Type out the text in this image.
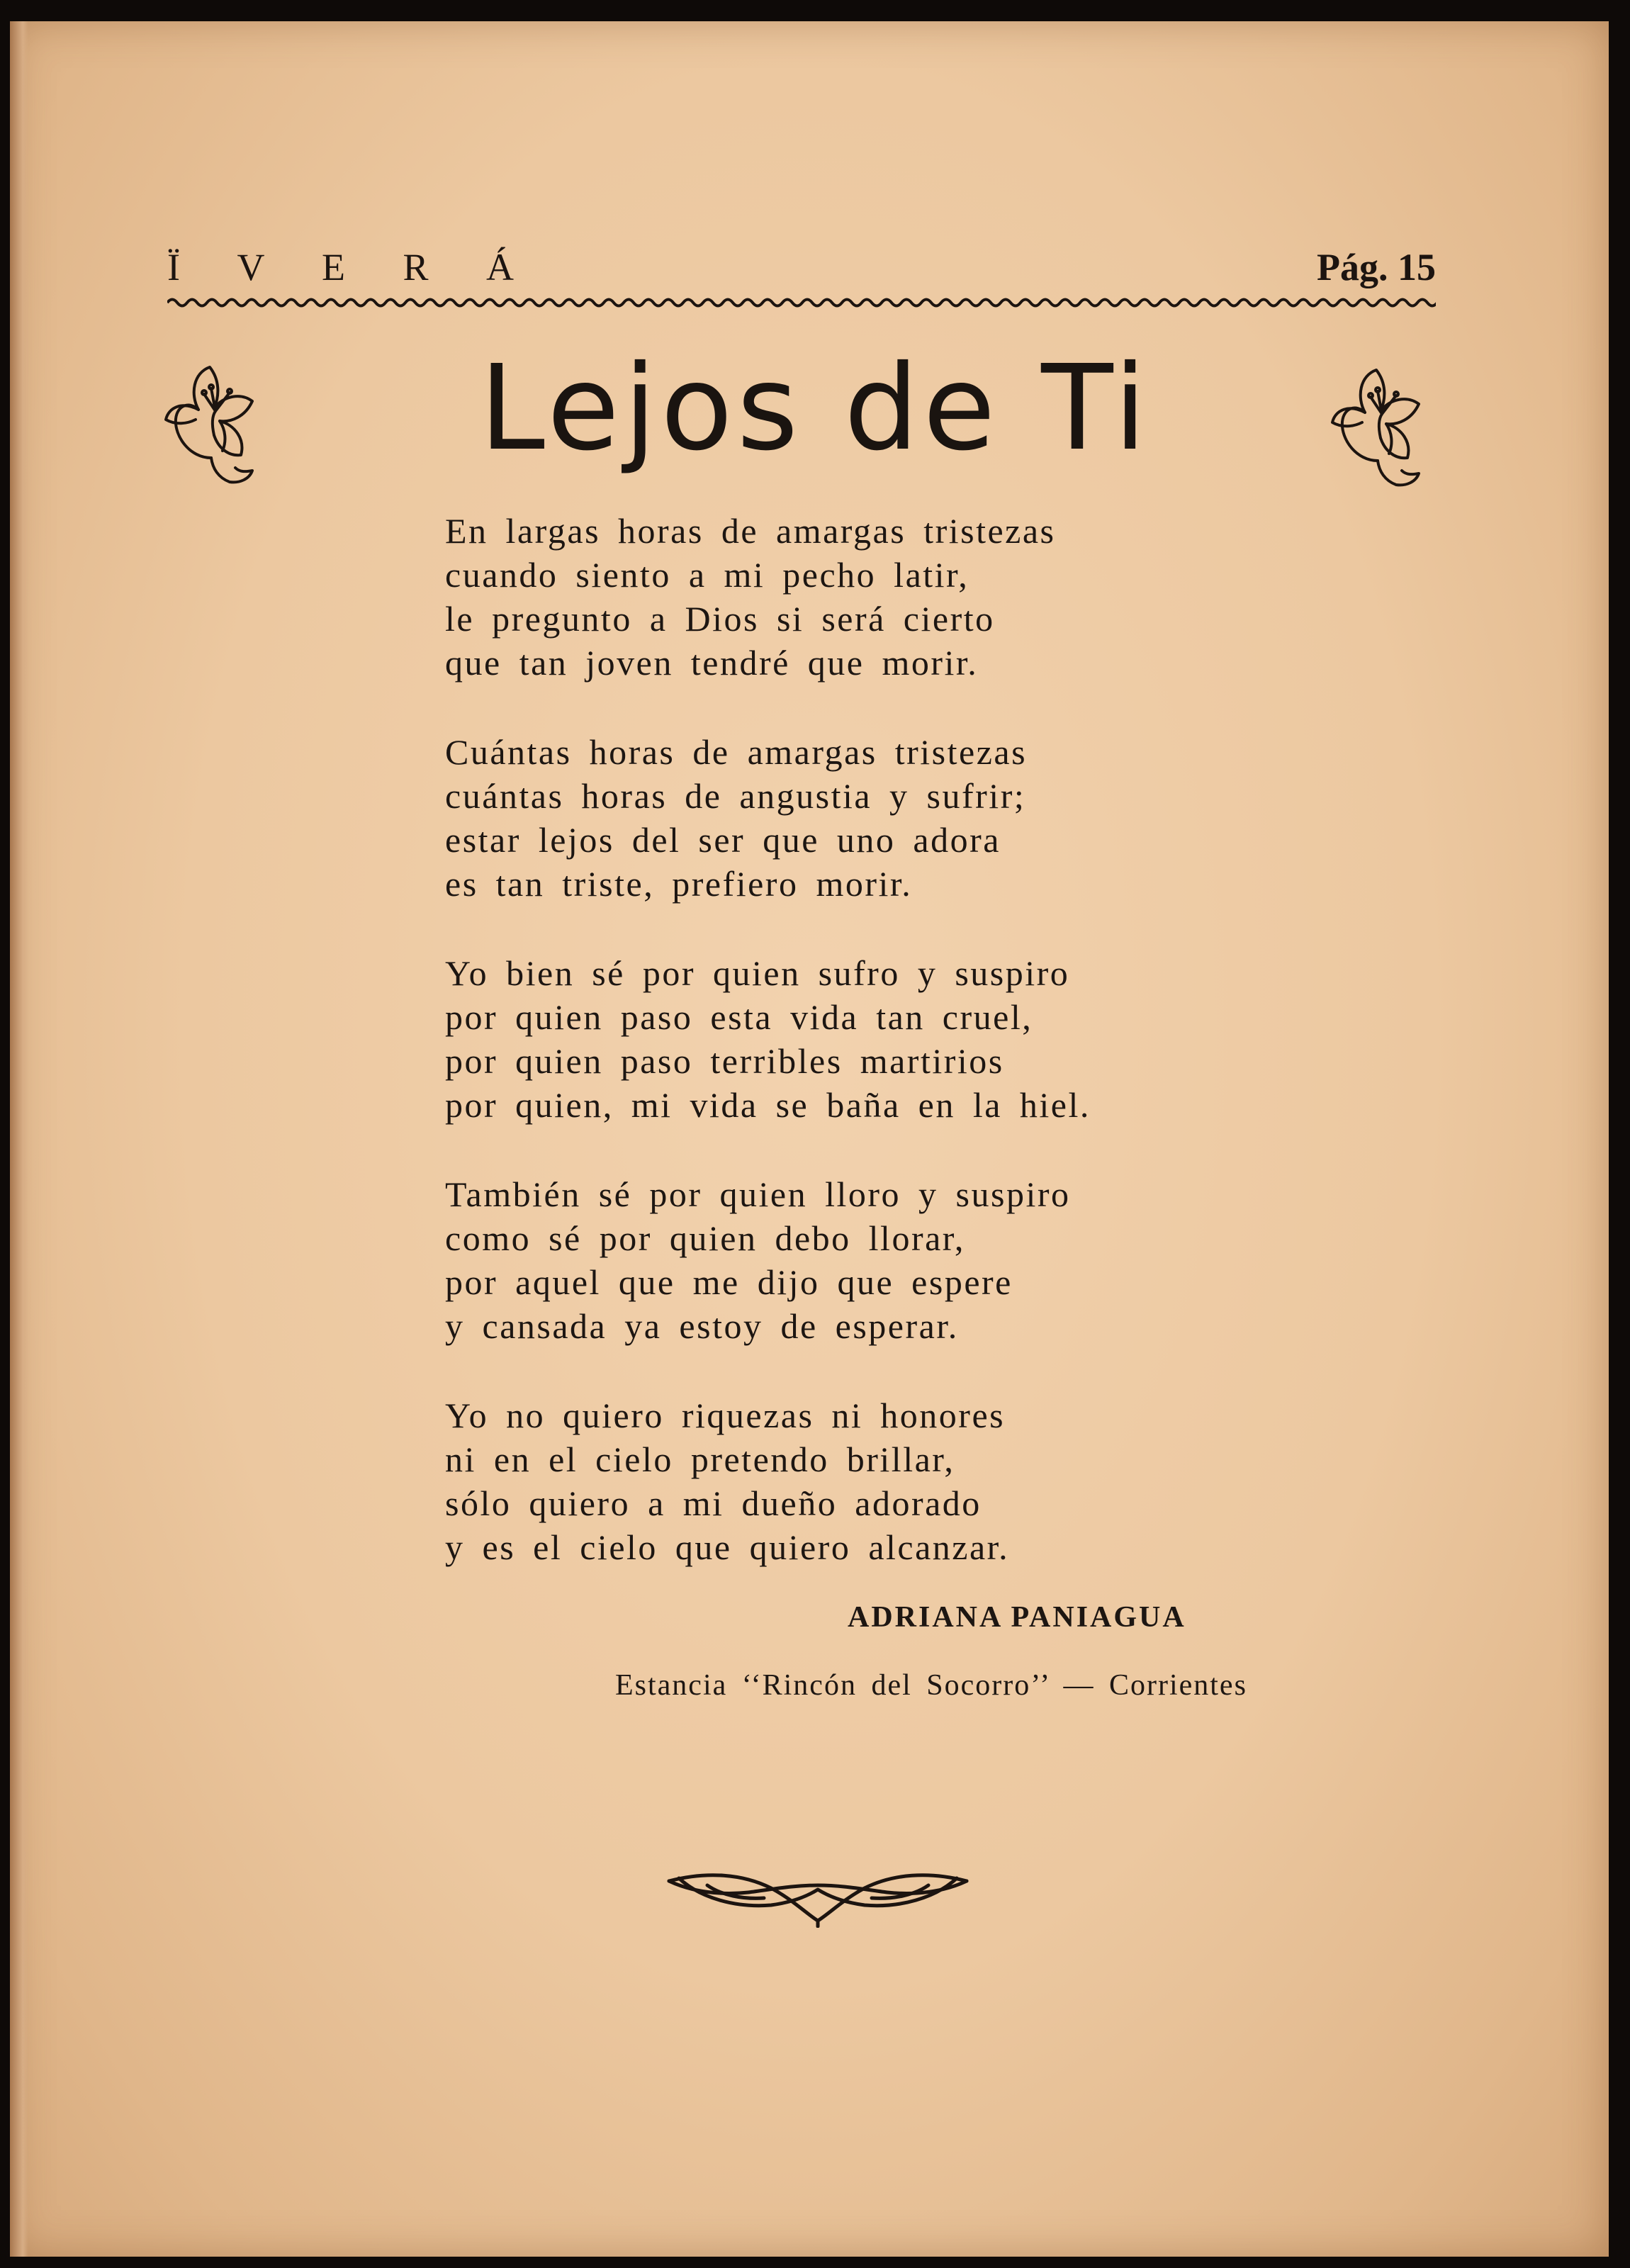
Ï V E R Á	Pág. 15
Lejos de Ti
En largas horas de amargas tristezas
cuando siento a mi pecho latir,
le pregunto a Dios si será cierto
que tan joven tendré que morir.
Cuántas horas de amargas tristezas
cuántas horas de angustia y sufrir;
estar lejos del ser que uno adora
es tan triste, prefiero morir.
Yo bien sé por quien sufro y suspiro
por quien paso esta vida tan cruel,
por quien paso terribles martirios
por quien, mi vida se baña en la hiel.
También sé por quien lloro y suspiro
como sé por quien debo llorar,
por aquel que me dijo que espere
y cansada ya estoy de esperar.
Yo no quiero riquezas ni honores
ni en el cielo pretendo brillar,
sólo quiero a mi dueño adorado
y es el cielo que quiero alcanzar.
ADRIANA PANIAGUA
Estancia ‘‘Rincón del Socorro’’ — Corrientes
